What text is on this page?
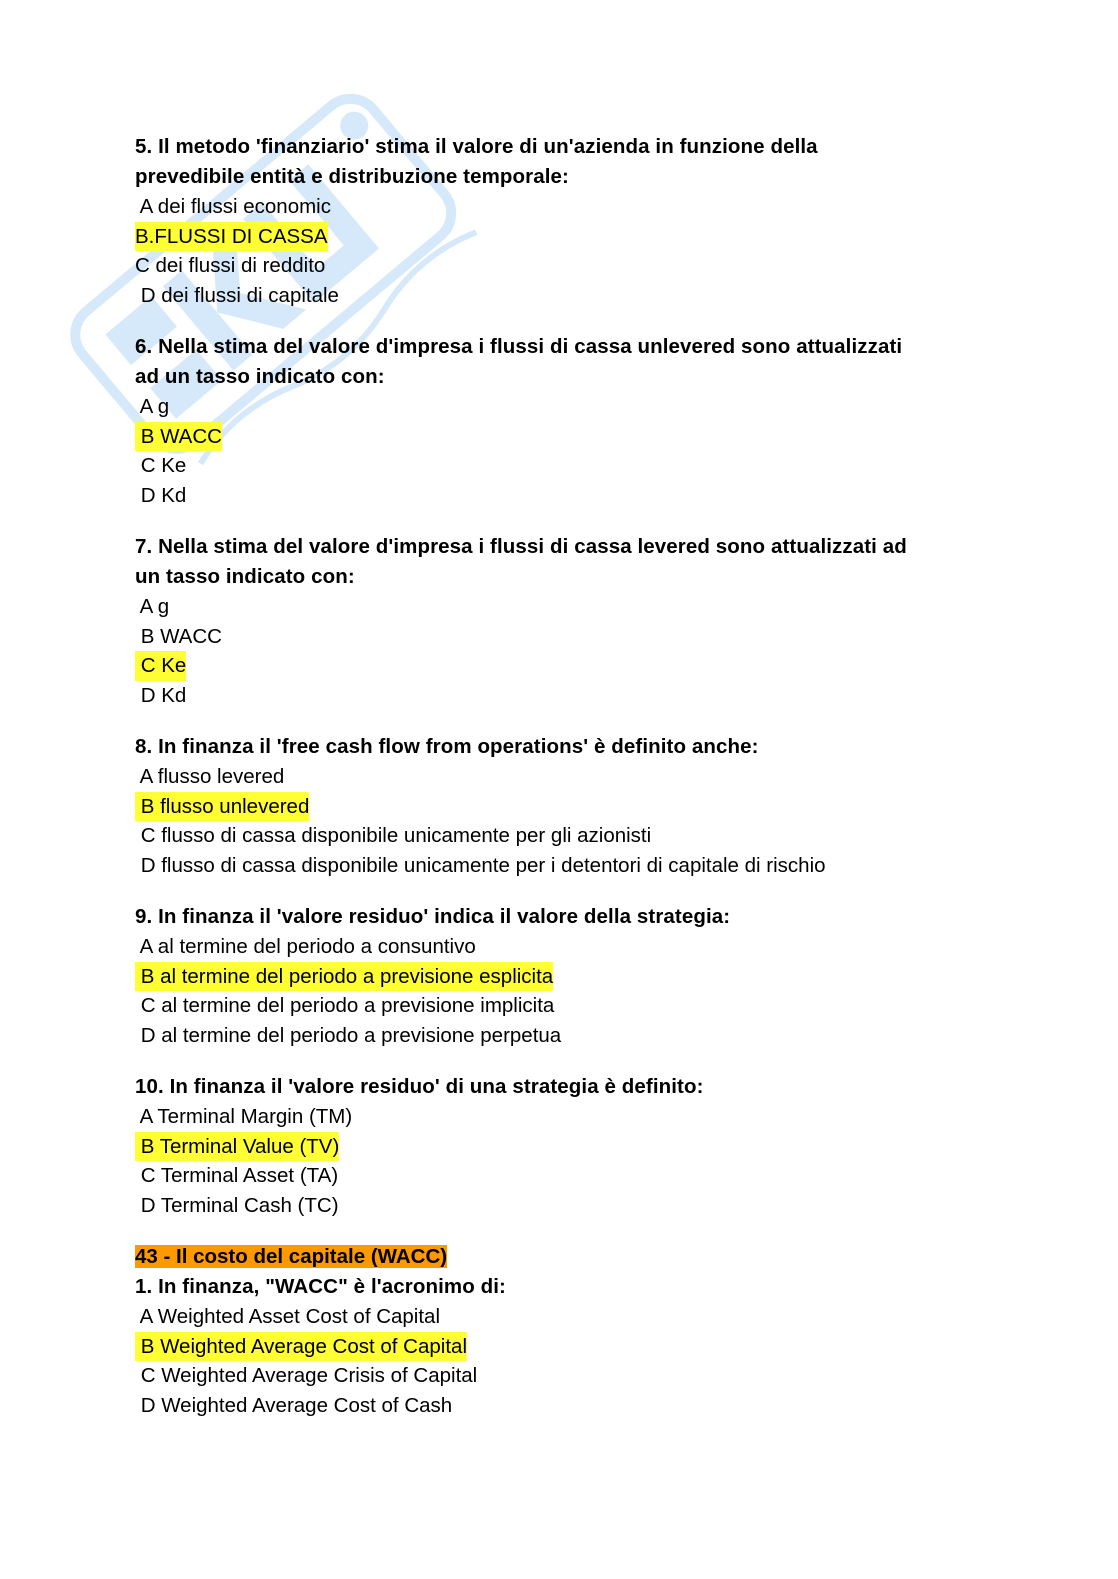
5. Il metodo 'finanziario' stima il valore di un'azienda in funzione della
prevedibile entità e distribuzione temporale:
A dei flussi economic
B.FLUSSI DI CASSA
C dei flussi di reddito
D dei flussi di capitale
6. Nella stima del valore d'impresa i flussi di cassa unlevered sono attualizzati
ad un tasso indicato con:
A g
B WACC
C Ke
D Kd
7. Nella stima del valore d'impresa i flussi di cassa levered sono attualizzati ad
un tasso indicato con:
A g
B WACC
C Ke
D Kd
8. In finanza il 'free cash flow from operations' è definito anche:
A flusso levered
B flusso unlevered
C flusso di cassa disponibile unicamente per gli azionisti
D flusso di cassa disponibile unicamente per i detentori di capitale di rischio
9. In finanza il 'valore residuo' indica il valore della strategia:
A al termine del periodo a consuntivo
B al termine del periodo a previsione esplicita
C al termine del periodo a previsione implicita
D al termine del periodo a previsione perpetua
10. In finanza il 'valore residuo' di una strategia è definito:
A Terminal Margin (TM)
B Terminal Value (TV)
C Terminal Asset (TA)
D Terminal Cash (TC)
43 - Il costo del capitale (WACC)
1. In finanza, "WACC" è l'acronimo di:
A Weighted Asset Cost of Capital
B Weighted Average Cost of Capital
C Weighted Average Crisis of Capital
D Weighted Average Cost of Cash
